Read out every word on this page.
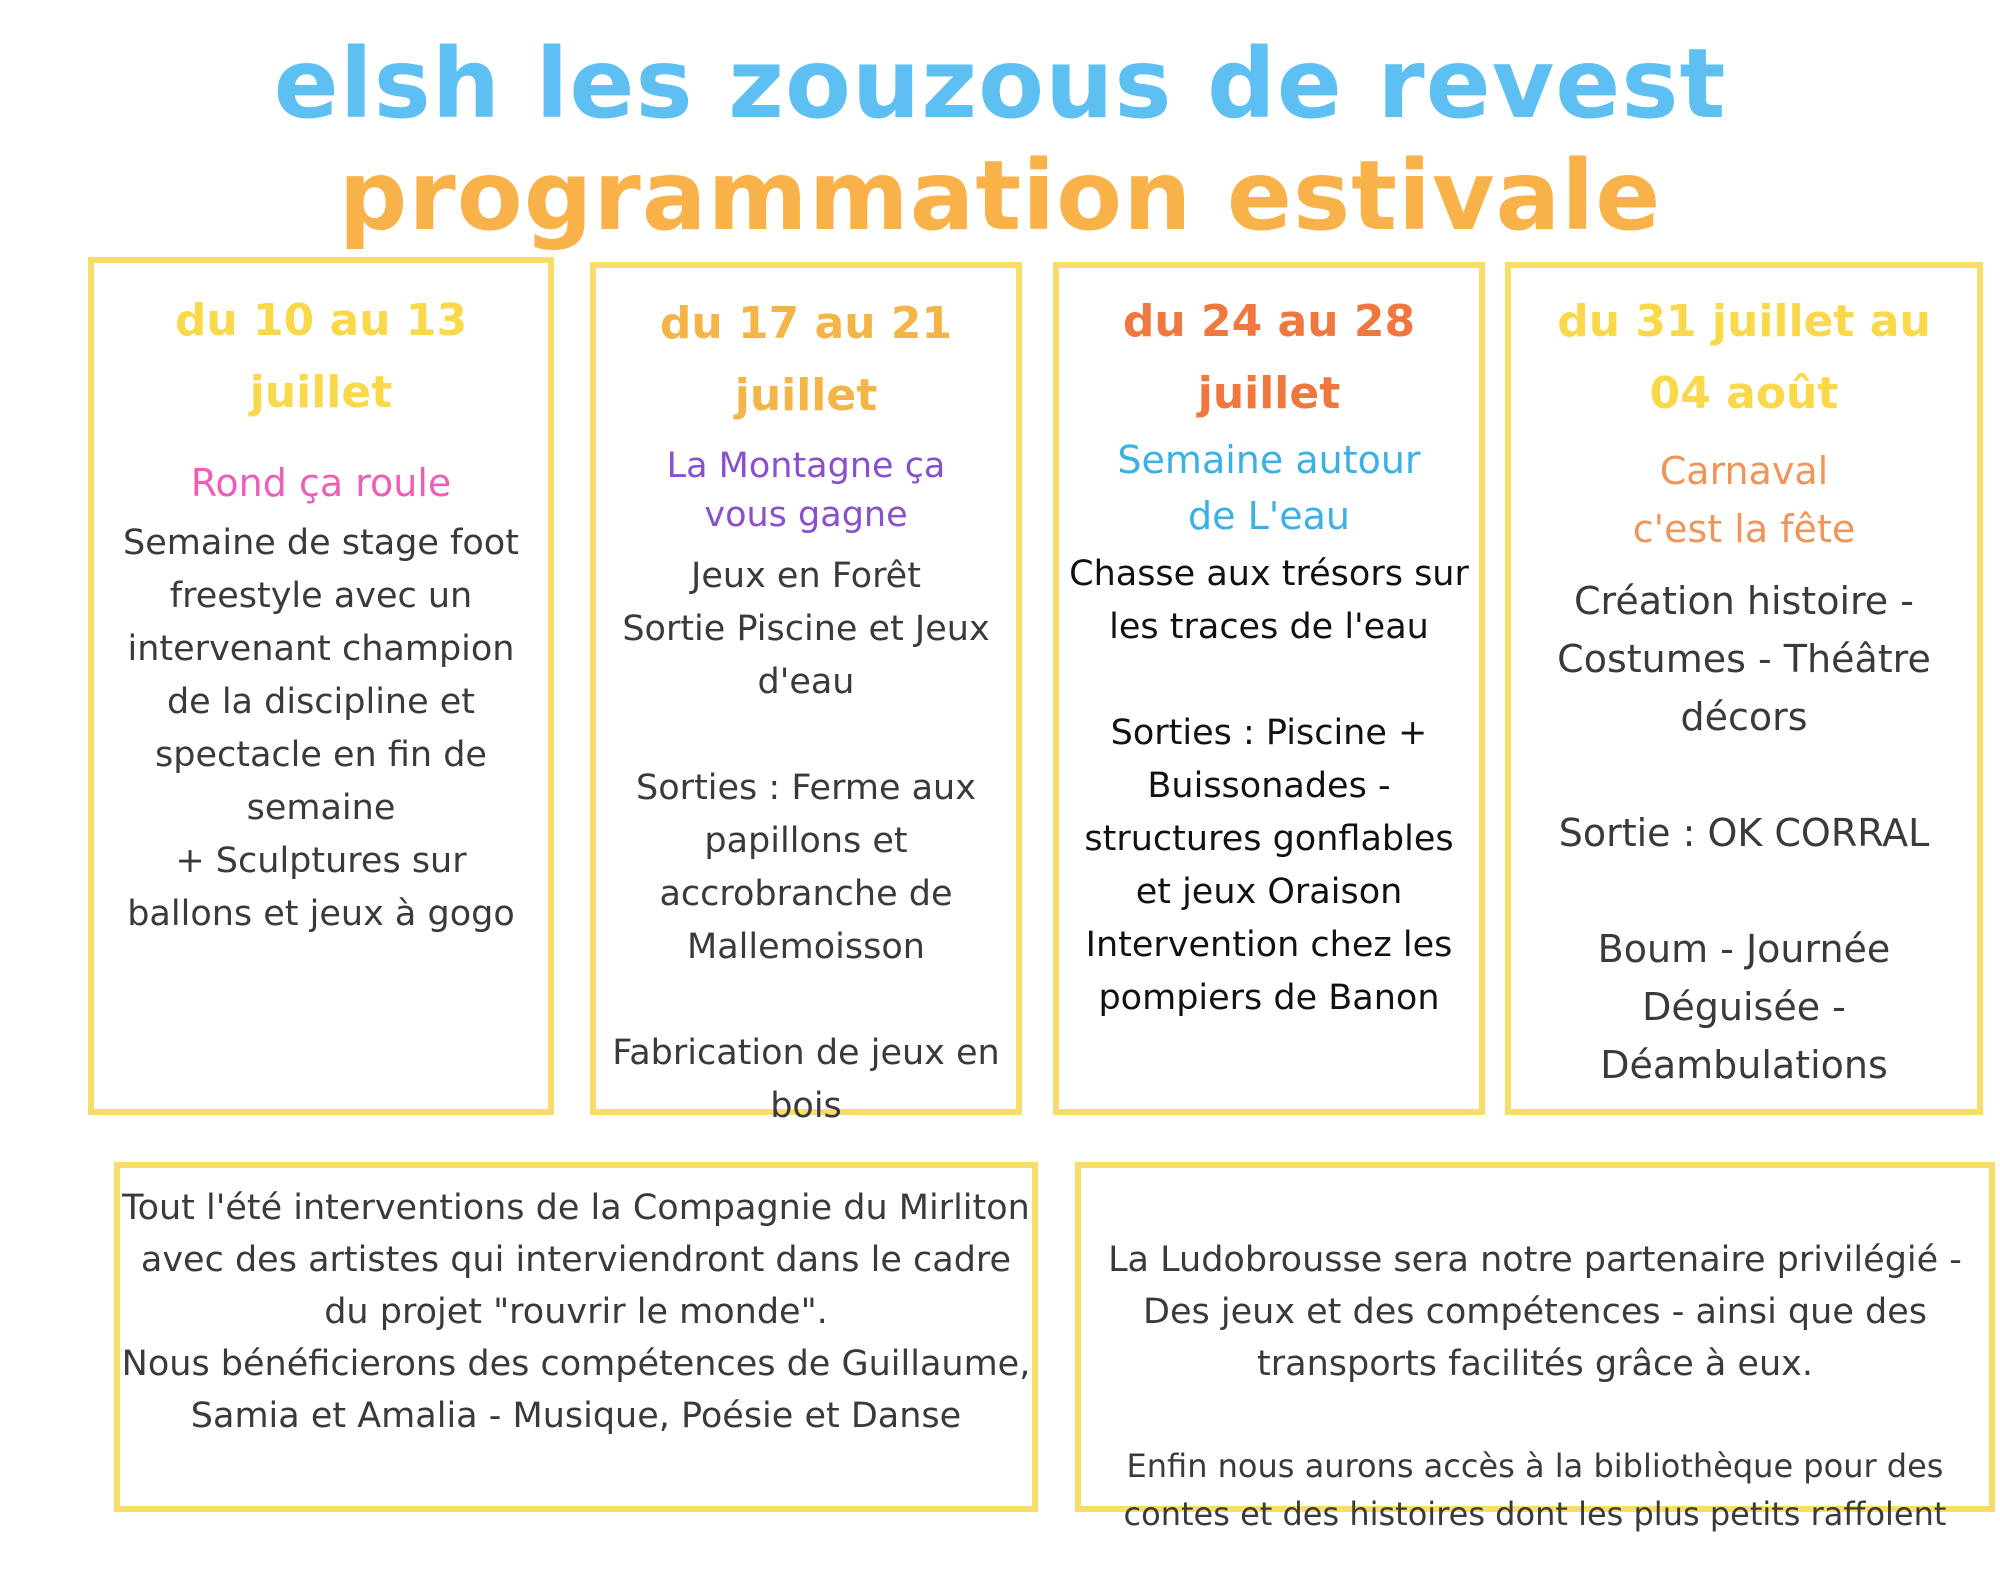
elsh les zouzous de revest
programmation estivale
du 10 au 13 juillet
Rond ça roule
Semaine de stage foot freestyle avec un intervenant champion de la discipline et spectacle en fin de semaine
+ Sculptures sur ballons et jeux à gogo
du 17 au 21 juillet
La Montagne ça vous gagne
Jeux en Forêt
Sortie Piscine et Jeux d'eau

Sorties : Ferme aux papillons et accrobranche de Mallemoisson

Fabrication de jeux en bois
du 24 au 28 juillet
Semaine autour de L'eau
Chasse aux trésors sur les traces de l'eau

Sorties : Piscine + Buissonades - structures gonflables et jeux Oraison
Intervention chez les pompiers de Banon
du 31 juillet au 04 août
Carnaval
c'est la fête
Création histoire - Costumes - Théâtre décors

Sortie : OK CORRAL

Boum - Journée Déguisée - Déambulations
Tout l'été interventions de la Compagnie du Mirliton avec des artistes qui interviendront dans le cadre du projet "rouvrir le monde".
Nous bénéficierons des compétences de Guillaume, Samia et Amalia - Musique, Poésie et Danse

La Ludobrousse sera notre partenaire privilégié - Des jeux et des compétences - ainsi que des transports facilités grâce à eux.

Enfin nous aurons accès à la bibliothèque pour des contes et des histoires dont les plus petits raffolent
